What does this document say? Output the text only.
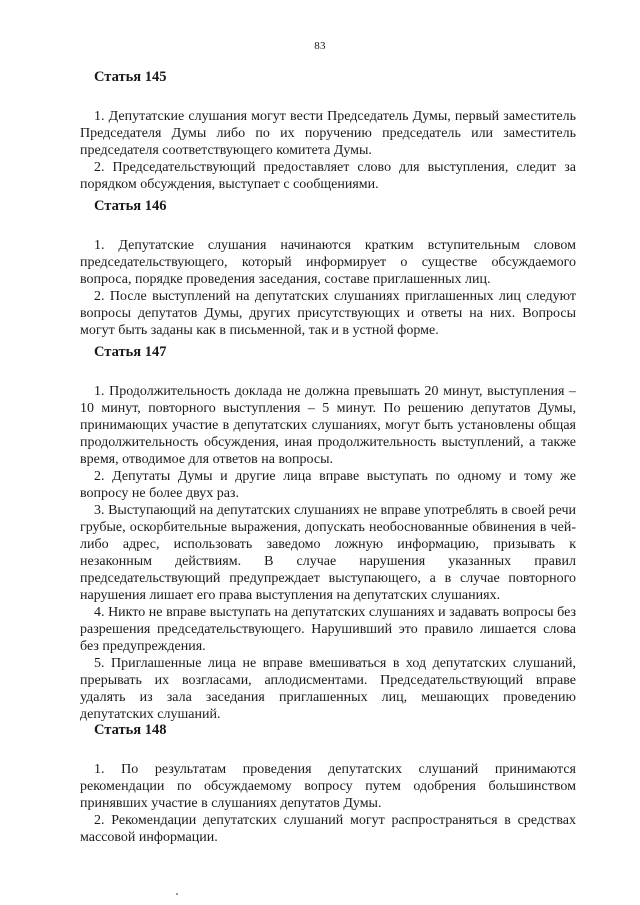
83
Статья 145

1. Депутатские слушания могут вести Председатель Думы, первый заместитель Председателя Думы либо по их поручению председатель или заместитель председателя соответствующего комитета Думы.

2. Председательствующий предоставляет слово для выступления, следит за порядком обсуждения, выступает с сообщениями.

Статья 146

1. Депутатские слушания начинаются кратким вступительным словом председательствующего, который информирует о существе обсуждаемого вопроса, порядке проведения заседания, составе приглашенных лиц.

2. После выступлений на депутатских слушаниях приглашенных лиц следуют вопросы депутатов Думы, других присутствующих и ответы на них. Вопросы могут быть заданы как в письменной, так и в устной форме.

Статья 147

1. Продолжительность доклада не должна превышать 20 минут, выступления – 10 минут, повторного выступления – 5 минут. По решению депутатов Думы, принимающих участие в депутатских слушаниях, могут быть установлены общая продолжительность обсуждения, иная продолжительность выступлений, а также время, отводимое для ответов на вопросы.

2. Депутаты Думы и другие лица вправе выступать по одному и тому же вопросу не более двух раз.

3. Выступающий на депутатских слушаниях не вправе употреблять в своей речи грубые, оскорбительные выражения, допускать необоснованные обвинения в чей-либо адрес, использовать заведомо ложную информацию, призывать к незаконным действиям. В случае нарушения указанных правил председательствующий предупреждает выступающего, а в случае повторного нарушения лишает его права выступления на депутатских слушаниях.

4. Никто не вправе выступать на депутатских слушаниях и задавать вопросы без разрешения председательствующего. Нарушивший это правило лишается слова без предупреждения.

5. Приглашенные лица не вправе вмешиваться в ход депутатских слушаний, прерывать их возгласами, аплодисментами. Председательствующий вправе удалять из зала заседания приглашенных лиц, мешающих проведению депутатских слушаний.

Статья 148

1. По результатам проведения депутатских слушаний принимаются рекомендации по обсуждаемому вопросу путем одобрения большинством принявших участие в слушаниях депутатов Думы.

2. Рекомендации депутатских слушаний могут распространяться в средствах массовой информации.
